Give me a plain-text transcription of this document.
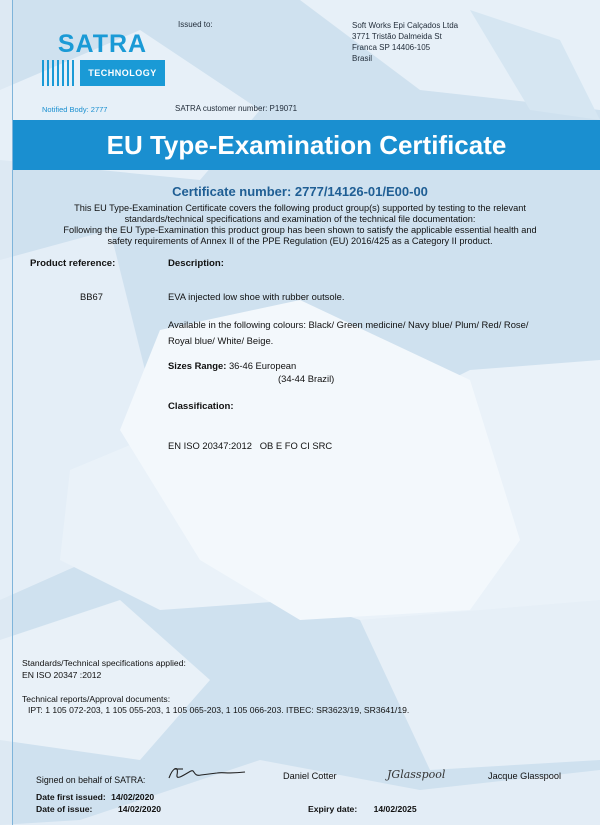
SATRA
TECHNOLOGY
Issued to:	Soft Works Epi Calçados Ltda
3771 Tristão Dalmeida St
Franca SP 14406-105
Brasil
Notified Body: 2777	SATRA customer number: P19071
EU Type-Examination Certificate
Certificate number: 2777/14126-01/E00-00
This EU Type-Examination Certificate covers the following product group(s) supported by testing to the relevant
standards/technical specifications and examination of the technical file documentation:
Following the EU Type-Examination this product group has been shown to satisfy the applicable essential health and
safety requirements of Annex II of the PPE Regulation (EU) 2016/425 as a Category II product.
Product reference:	Description:
BB67	EVA injected low shoe with rubber outsole.
Available in the following colours: Black/ Green medicine/ Navy blue/ Plum/ Red/ Rose/
Royal blue/ White/ Beige.
Sizes Range: 36-46 European
(34-44 Brazil)
Classification:
EN ISO 20347:2012   OB E FO CI SRC
Standards/Technical specifications applied:
EN ISO 20347 :2012
Technical reports/Approval documents:
IPT: 1 105 072-203, 1 105 055-203, 1 105 065-203, 1 105 066-203. ITBEC: SR3623/19, SR3641/19.
Signed on behalf of SATRA:	Daniel Cotter	JGlasspool	Jacque Glasspool
Date first issued: 14/02/2020
Date of issue:	14/02/2020	Expiry date: 14/02/2025
